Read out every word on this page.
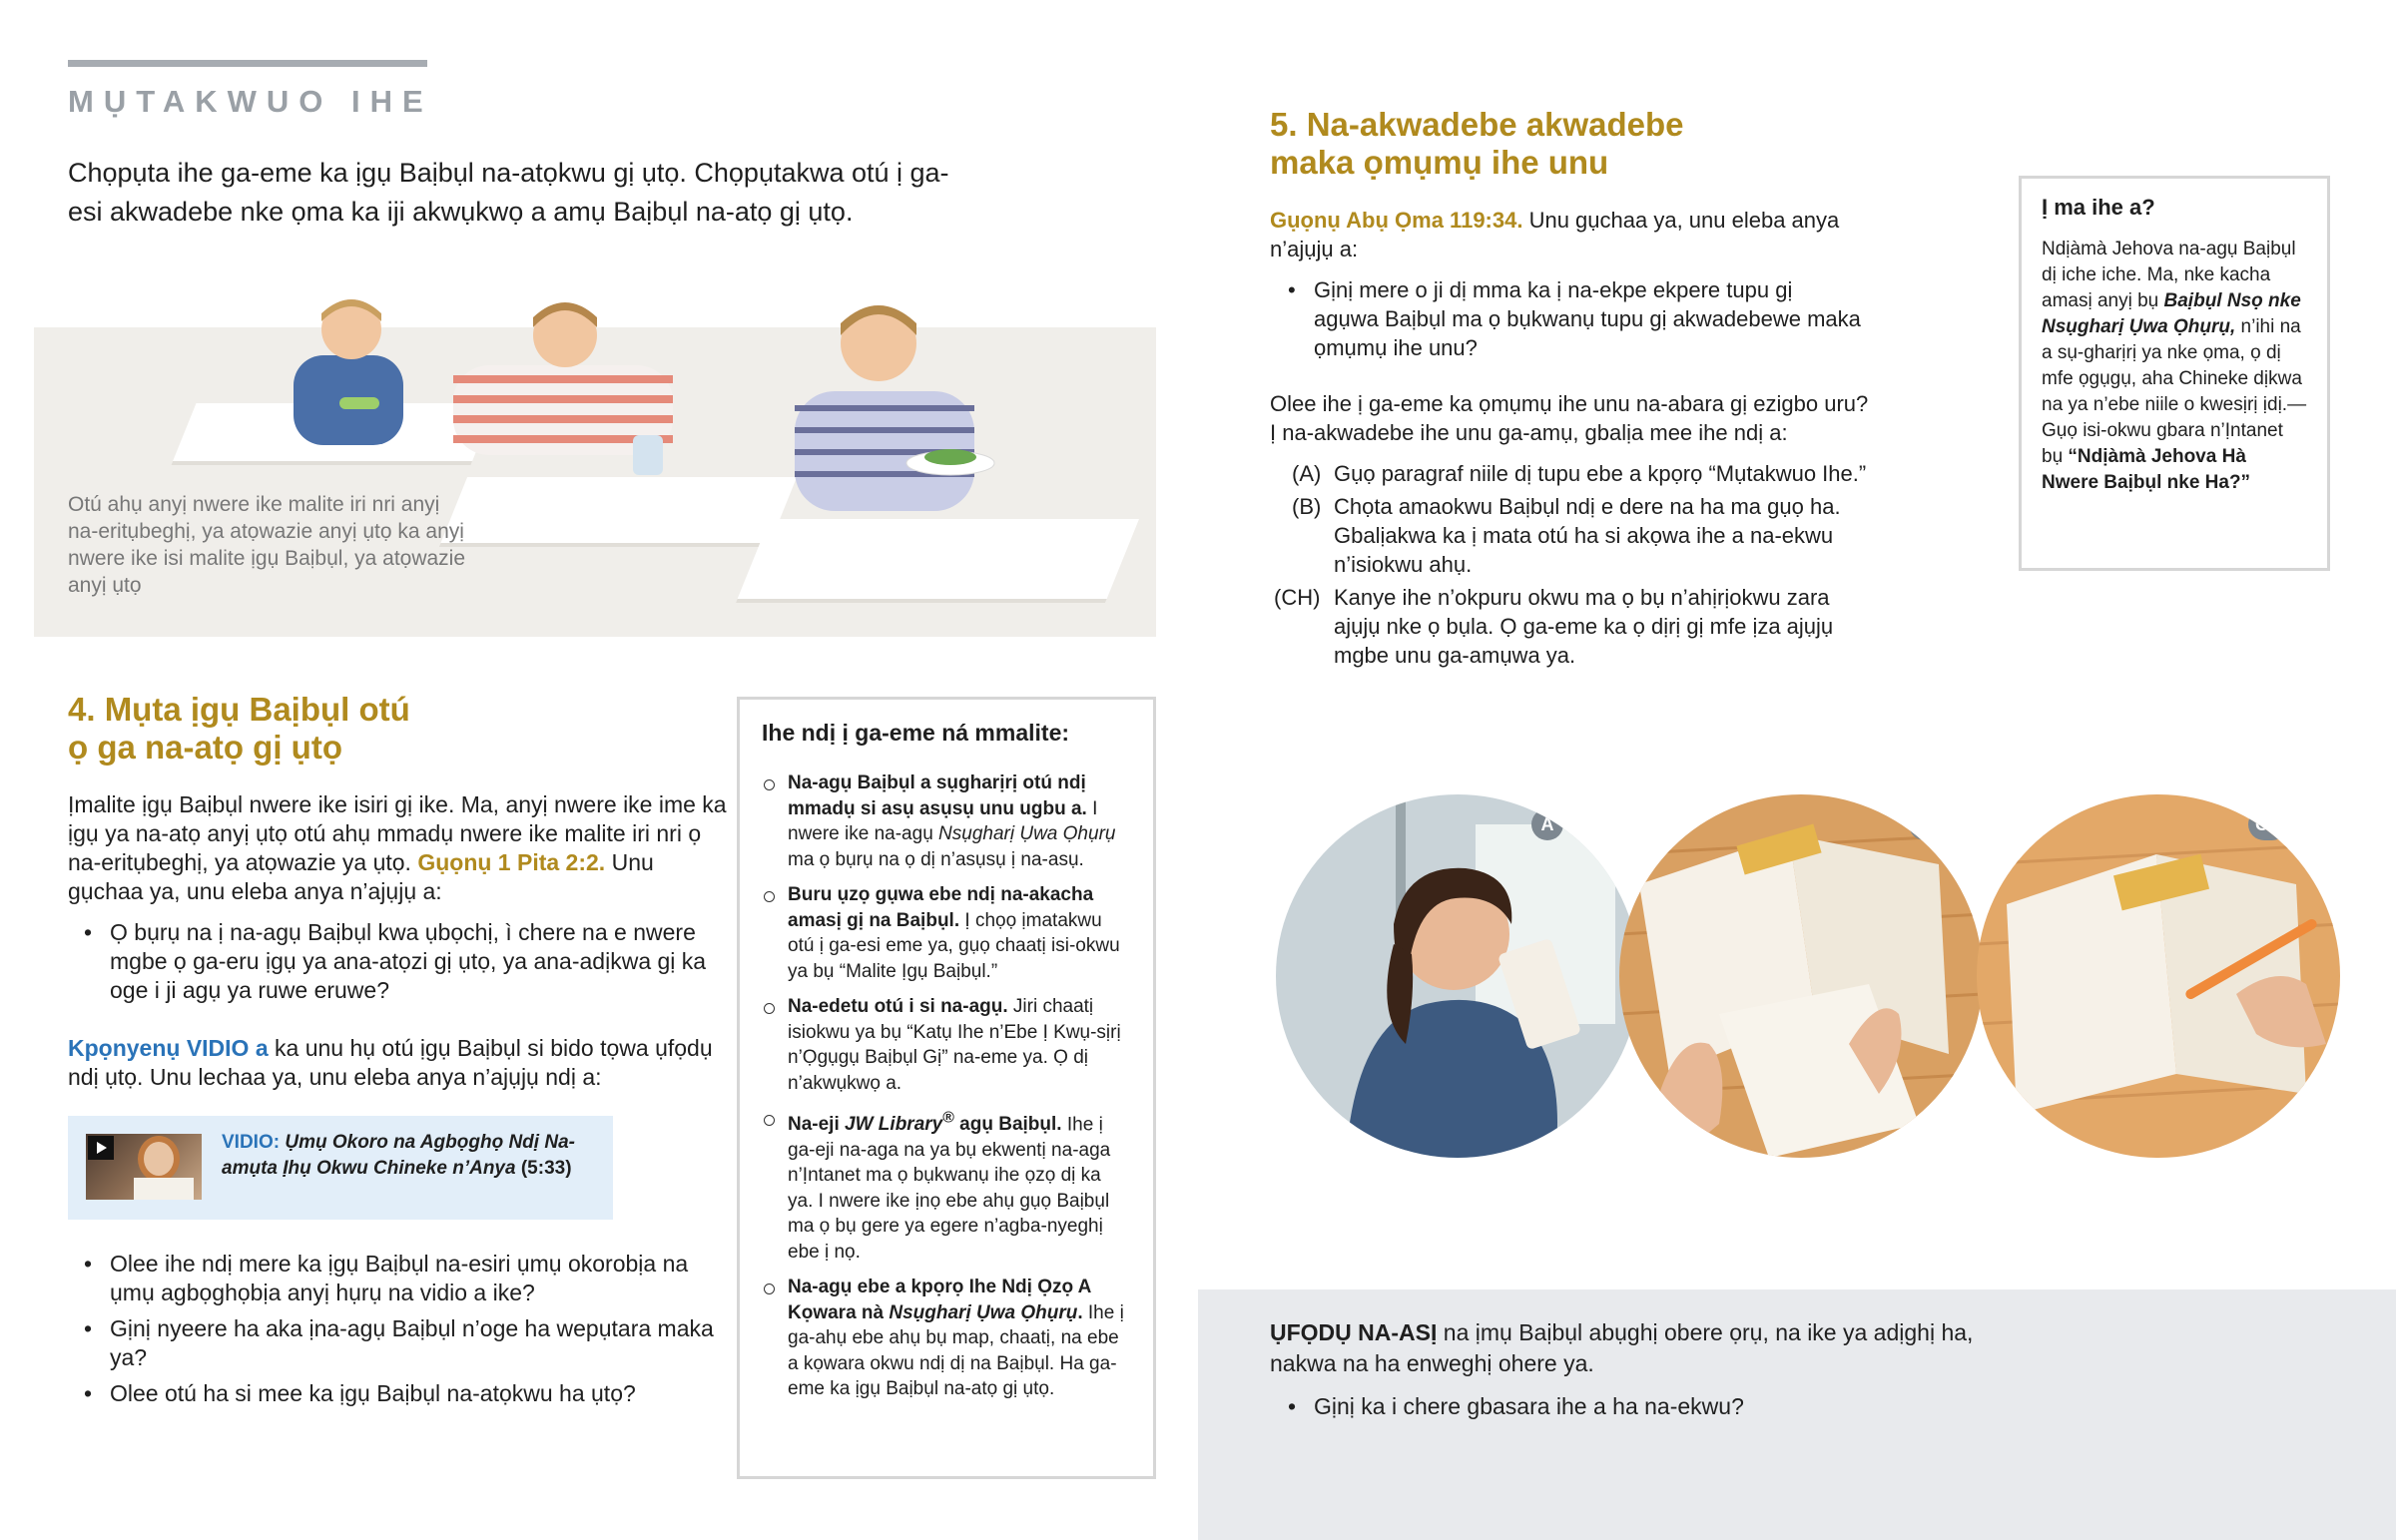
MỤTAKWUO IHE
Chọpụta ihe ga-eme ka ịgụ Baịbụl na-atọkwu gị ụtọ. Chọpụtakwa otú ị ga-esi akwadebe nke ọma ka iji akwụkwọ a amụ Baịbụl na-atọ gị ụtọ.
Otú ahụ anyị nwere ike malite iri nri anyị na-eritụbeghị, ya atọwazie anyị ụtọ ka anyị nwere ike isi malite ịgụ Baịbụl, ya atọwazie anyị ụtọ
4. Mụta ịgụ Baịbụl otú
ọ ga na-atọ gị ụtọ
Ịmalite ịgụ Baịbụl nwere ike isiri gị ike. Ma, anyị nwere ike ime ka ịgụ ya na-atọ anyị ụtọ otú ahụ mmadụ nwere ike malite iri nri ọ na-eritụbeghị, ya atọwazie ya ụtọ. Gụọnụ 1 Pita 2:2. Unu gụchaa ya, unu eleba anya n’ajụjụ a:
• Ọ bụrụ na ị na-agụ Baịbụl kwa ụbọchị, ì chere na e nwere mgbe ọ ga-eru ịgụ ya ana-atọzi gị ụtọ, ya ana-adịkwa gị ka oge i ji agụ ya ruwe eruwe?
Kpọnyenụ VIDIO a ka unu hụ otú ịgụ Baịbụl si bido tọwa ụfọdụ ndị ụtọ. Unu lechaa ya, unu eleba anya n’ajụjụ ndị a:
VIDIO: Ụmụ Okoro na Agbọghọ Ndị Na-amụta Ịhụ Okwu Chineke n’Anya (5:33)
• Olee ihe ndị mere ka ịgụ Baịbụl na-esiri ụmụ okorobịa na ụmụ agbọghọbịa anyị hụrụ na vidio a ike?
• Gịnị nyeere ha aka ịna-agụ Baịbụl n’oge ha wepụtara maka ya?
• Olee otú ha si mee ka ịgụ Baịbụl na-atọkwu ha ụtọ?
Ihe ndị ị ga-eme ná mmalite:
Na-agụ Baịbụl a sụgharịrị otú ndị mmadụ si asụ asụsụ unu ugbu a. I nwere ike na-agụ Nsụgharị Ụwa Ọhụrụ ma ọ bụrụ na ọ dị n’asụsụ ị na-asụ.
Buru ụzọ gụwa ebe ndị na-akacha amasị gị na Baịbụl. Ị chọọ ịmatakwu otú ị ga-esi eme ya, gụọ chaatị isi-okwu ya bụ “Malite Ịgụ Baịbụl.”
Na-edetu otú i si na-agụ. Jiri chaatị isiokwu ya bụ “Katụ Ihe n’Ebe Ị Kwụ-sịrị n’Ọgụgụ Baịbụl Gị” na-eme ya. Ọ dị n’akwụkwọ a.
Na-eji JW Library® agụ Baịbụl. Ihe ị ga-eji na-aga na ya bụ ekwentị na-aga n’Ịntanet ma ọ bụkwanụ ihe ọzọ dị ka ya. I nwere ike ịnọ ebe ahụ gụọ Baịbụl ma ọ bụ gere ya egere n’agba-nyeghị ebe ị nọ.
Na-agụ ebe a kpọrọ Ihe Ndị Ọzọ A Kọwara nà Nsụgharị Ụwa Ọhụrụ. Ihe ị ga-ahụ ebe ahụ bụ map, chaatị, na ebe a kọwara okwu ndị dị na Baịbụl. Ha ga-eme ka ịgụ Baịbụl na-atọ gị ụtọ.
5. Na-akwadebe akwadebe
maka ọmụmụ ihe unu
Gụọnụ Abụ Ọma 119:34. Unu gụchaa ya, unu eleba anya n’ajụjụ a:
• Gịnị mere o ji dị mma ka ị na-ekpe ekpere tupu gị agụwa Baịbụl ma ọ bụkwanụ tupu gị akwadebewe maka ọmụmụ ihe unu?
Olee ihe ị ga-eme ka ọmụmụ ihe unu na-abara gị ezigbo uru? Ị na-akwadebe ihe unu ga-amụ, gbalịa mee ihe ndị a:
(A) Gụọ paragraf niile dị tupu ebe a kpọrọ “Mụtakwuo Ihe.”
(B) Chọta amaokwu Baịbụl ndị e dere na ha ma gụọ ha. Gbalịakwa ka ị mata otú ha si akọwa ihe a na-ekwu n’isiokwu ahụ.
(CH) Kanye ihe n’okpuru okwu ma ọ bụ n’ahịrịokwu zara ajụjụ nke ọ bụla. Ọ ga-eme ka ọ dịrị gị mfe ịza ajụjụ mgbe unu ga-amụwa ya.
Ị ma ihe a?
Ndịàmà Jehova na-agụ Baịbụl dị iche iche. Ma, nke kacha amasị anyị bụ Baịbụl Nsọ nke Nsụgharị Ụwa Ọhụrụ, n’ihi na a sụ-gharịrị ya nke ọma, ọ dị mfe ọgụgụ, aha Chineke dịkwa na ya n’ebe niile o kwesịrị ịdị.—Gụọ isi-okwu gbara n’Ịntanet bụ “Ndịàmà Jehova Hà Nwere Baịbụl nke Ha?”
A	B	CH
ỤFỌDỤ NA-ASỊ na ịmụ Baịbụl abụghị obere ọrụ, na ike ya adịghị ha, nakwa na ha enweghị ohere ya.
• Gịnị ka i chere gbasara ihe a ha na-ekwu?
